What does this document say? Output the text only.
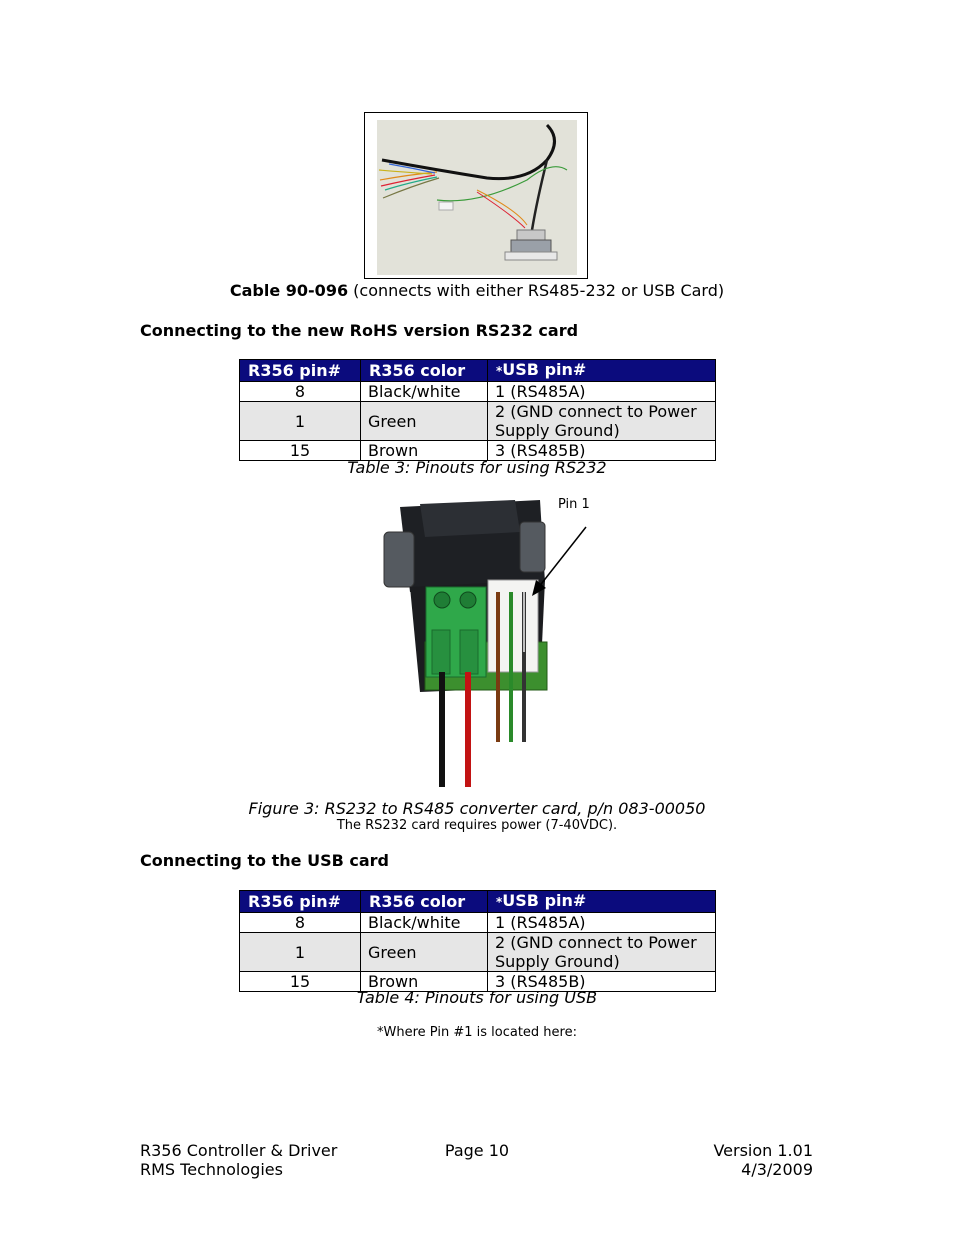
Cable 90-096 (connects with either RS485-232 or USB Card)
Connecting to the new RoHS version RS232 card
R356 pin#	R356 color	*USB pin#
8	Black/white	1 (RS485A)
1	Green	2 (GND connect to Power Supply Ground)
15	Brown	3 (RS485B)
Table 3: Pinouts for using RS232
Pin 1
Figure 3: RS232 to RS485 converter card, p/n 083-00050
The RS232 card requires power (7-40VDC).
Connecting to the USB card
R356 pin#	R356 color	*USB pin#
8	Black/white	1 (RS485A)
1	Green	2 (GND connect to Power Supply Ground)
15	Brown	3 (RS485B)
Table 4: Pinouts for using USB
*Where Pin #1 is located here:
R356 Controller & Driver
RMS Technologies
Page 10	Version 1.01
4/3/2009
